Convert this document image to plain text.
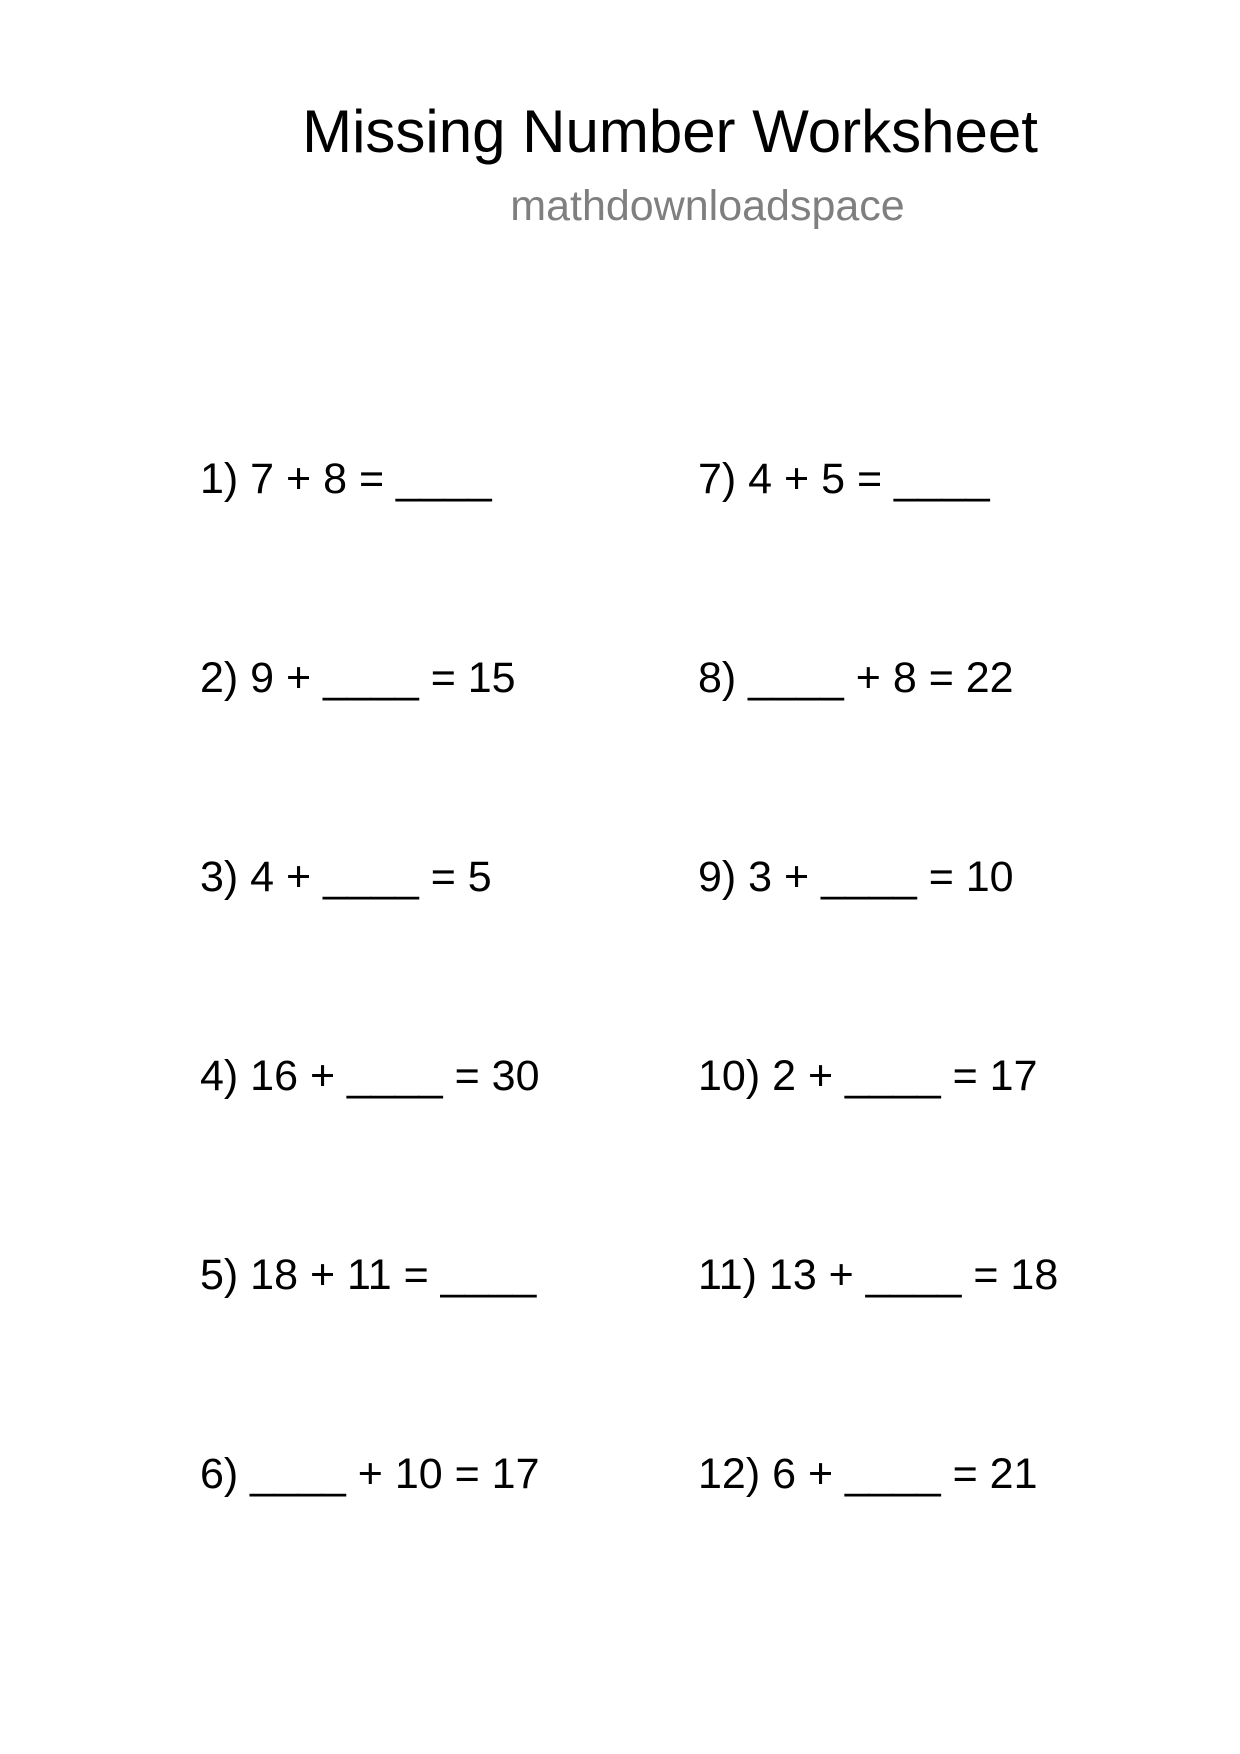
Missing Number Worksheet
mathdownloadspace

1) 7 + 8 = ____

2) 9 + ____ = 15

3) 4 + ____ = 5

4) 16 + ____ = 30

5) 18 + 11 = ____

6) ____ + 10 = 17

7) 4 + 5 = ____

8) ____ + 8 = 22

9) 3 + ____ = 10

10) 2 + ____ = 17

11) 13 + ____ = 18

12) 6 + ____ = 21
